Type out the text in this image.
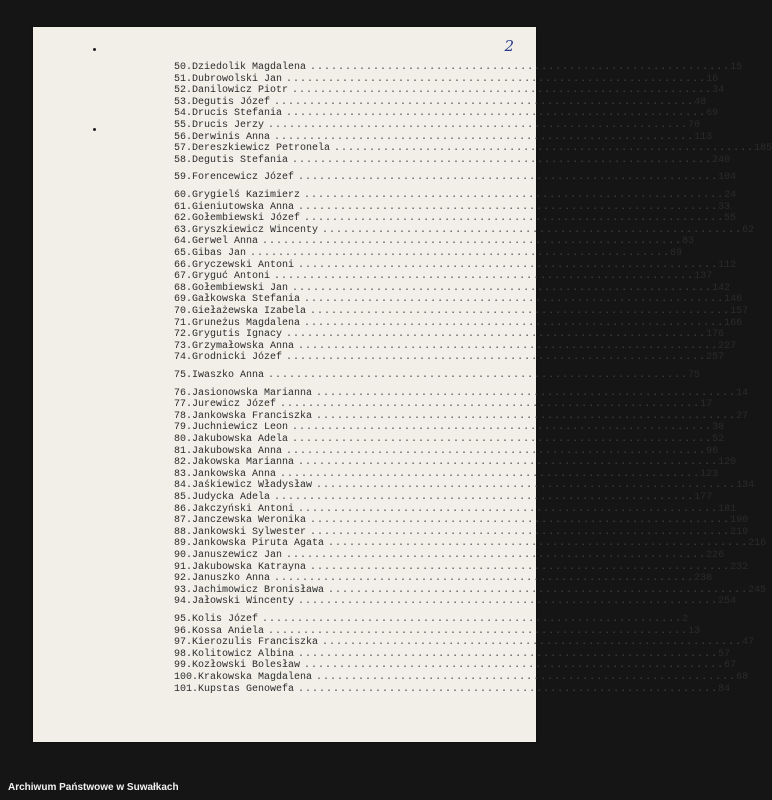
2
50. Dziedolik Magdalena ............................................................ 15
51. Dubrowolski Jan ............................................................ 16
52. Danilowicz Piotr ............................................................ 34
53. Degutis Józef ............................................................ 48
54. Drucis Stefania ............................................................ 69
55. Drucis Jerzy ............................................................ 70
56. Derwinis Anna ............................................................ 113
57. Dereszkiewicz Petronela ............................................................ 185
58. Degutis Stefania ............................................................ 240
59. Forencewicz Józef ............................................................ 104
60. Grygielś Kazimierz ............................................................ 24
61. Gieniutowska Anna ............................................................ 33
62. Gołembiewski Józef ............................................................ 55
63. Gryszkiewicz Wincenty ............................................................ 62
64. Gerwel Anna ............................................................ 83
65. Gibas Jan ............................................................ 89
66. Gryczewski Antoni ............................................................ 112
67. Gryguć Antoni ............................................................ 137
68. Gołembiewski Jan ............................................................ 142
69. Gałkowska Stefania ............................................................ 146
70. Giełażewska Izabela ............................................................ 157
71. Gruneżus Magdalena ............................................................ 166
72. Grygutis Ignacy ............................................................ 176
73. Grzymałowska Anna ............................................................ 227
74. Grodnicki Józef ............................................................ 257
75. Iwaszko Anna ............................................................ 75
76. Jasionowska Marianna ............................................................ 14
77. Jurewicz Józef ............................................................ 17
78. Jankowska Franciszka ............................................................ 27
79. Juchniewicz Leon ............................................................ 38
80. Jakubowska Adela ............................................................ 52
81. Jakubowska Anna ............................................................ 96
82. Jakowska Marianna ............................................................ 120
83. Jankowska Anna ............................................................ 123
84. Jaśkiewicz Władysław ............................................................ 134
85. Judycka Adela ............................................................ 177
86. Jakczyński Antoni ............................................................ 181
87. Janczewska Weronika ............................................................ 190
88. Jankowski Sylwester ............................................................ 210
89. Jankowska Piruta Agata ............................................................ 216
90. Januszewicz Jan ............................................................ 226
91. Jakubowska Katrayna ............................................................ 232
92. Januszko Anna ............................................................ 238
93. Jachimowicz Bronisława ............................................................ 245
94. Jałowski Wincenty ............................................................ 254
95. Kolis Józef ............................................................ 2
96. Kossa Aniela ............................................................ 13
97. Kierozulis Franciszka ............................................................ 47
98. Kolitowicz Albina ............................................................ 57
99. Kozłowski Bolesław ............................................................ 67
100. Krakowska Magdalena ............................................................ 68
101. Kupstas Genowefa ............................................................ 84
Archiwum Państwowe w Suwałkach
